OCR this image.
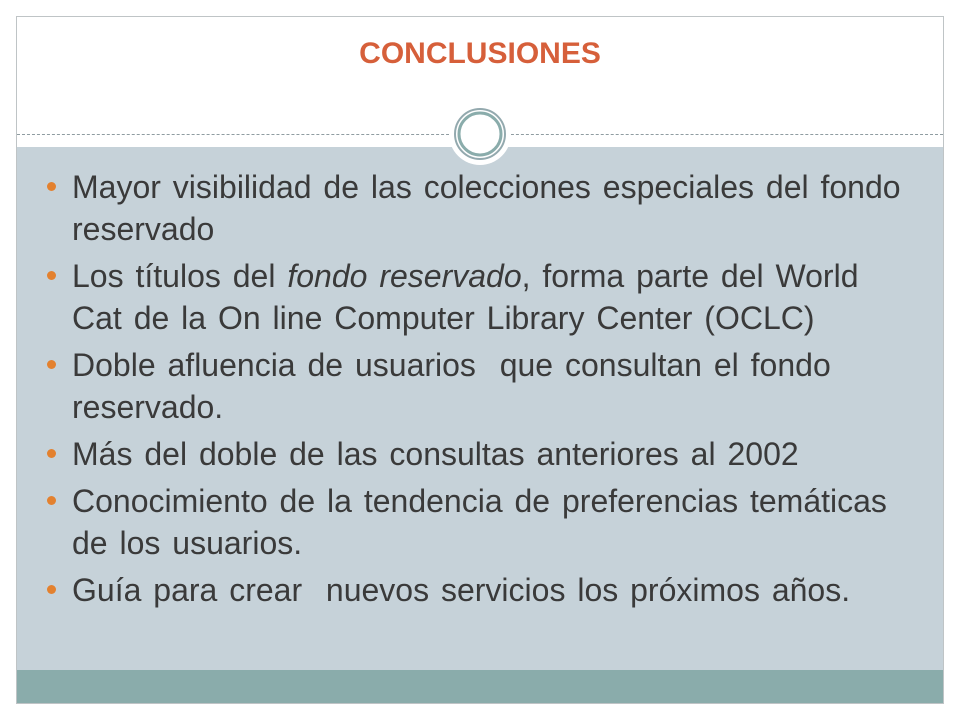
CONCLUSIONES
Mayor visibilidad de las colecciones especiales del fondo reservado
Los títulos del fondo reservado, forma parte del World Cat de la On line Computer Library Center (OCLC)
Doble afluencia de usuarios  que consultan el fondo reservado.
Más del doble de las consultas anteriores al 2002
Conocimiento de la tendencia de preferencias temáticas de los usuarios.
Guía para crear  nuevos servicios los próximos años.
